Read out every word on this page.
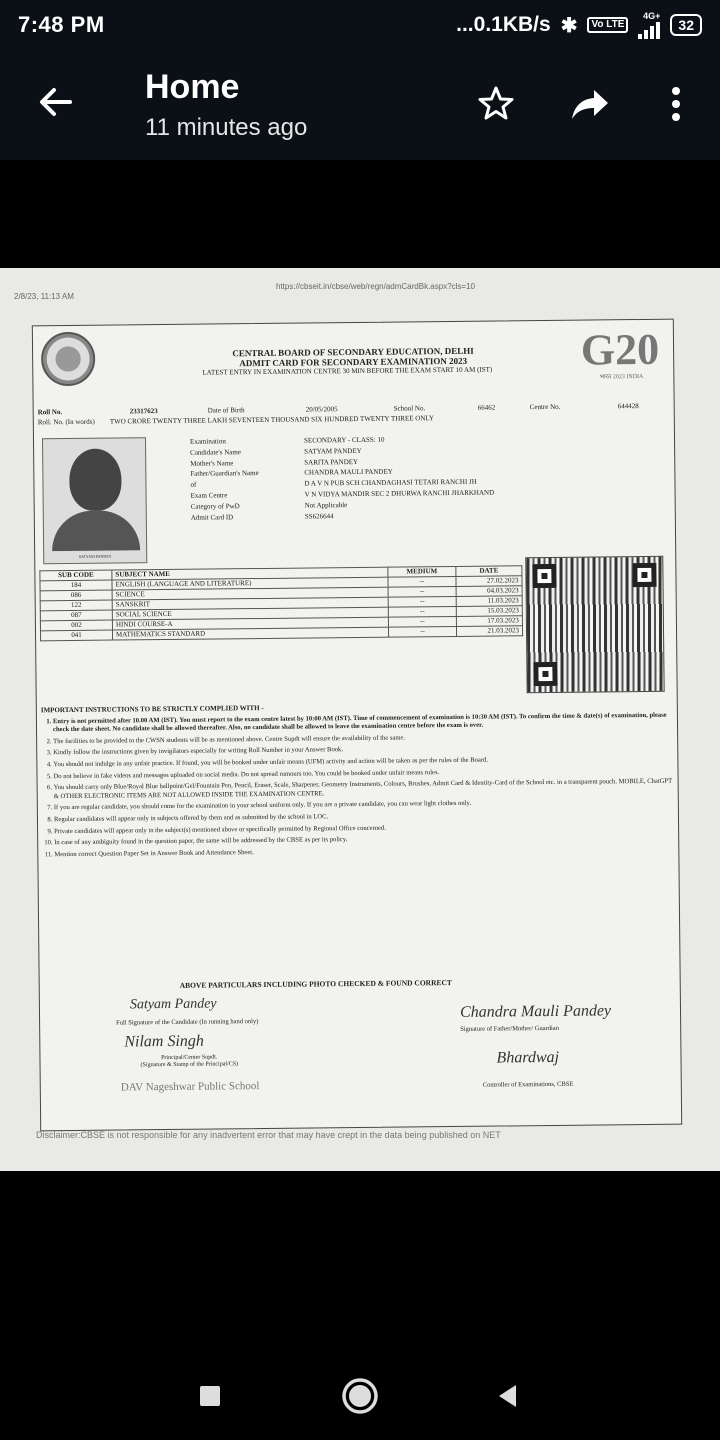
7:48 PM	...0.1KB/s ✱	Vo LTE
4G+
32
Home
11 minutes ago
2/8/23, 11:13 AM
https://cbseit.in/cbse/web/regn/admCardBk.aspx?cls=10
G20
भारत 2023 INDIA
CENTRAL BOARD OF SECONDARY EDUCATION, DELHI
ADMIT CARD FOR SECONDARY EXAMINATION 2023
LATEST ENTRY IN EXAMINATION CENTRE 30 MIN BEFORE THE EXAM START 10 AM (IST)
Roll No.	23317623	Date of Birth	20/05/2005	School No.	66462	Centre No.	644428
Roll. No. (In words) TWO CRORE TWENTY THREE LAKH SEVENTEEN THOUSAND SIX HUNDRED TWENTY THREE ONLY
SATYAM PANDEY
Examination	SECONDARY - CLASS: 10
Candidate's Name	SATYAM PANDEY
Mother's Name	SARITA PANDEY
Father/Guardian's Name	CHANDRA MAULI PANDEY
of	D A V N PUB SCH CHANDAGHASI TETARI RANCHI JH
Exam Centre	V N VIDYA MANDIR SEC 2 DHURWA RANCHI JHARKHAND
Category of PwD	Not Applicable
Admit Card ID	SS626644
SUB CODE	SUBJECT NAME	MEDIUM	DATE
184	ENGLISH (LANGUAGE AND LITERATURE)	--	27.02.2023
086	SCIENCE	--	04.03.2023
122	SANSKRIT	--	11.03.2023
087	SOCIAL SCIENCE	--	15.03.2023
002	HINDI COURSE-A	--	17.03.2023
041	MATHEMATICS STANDARD	--	21.03.2023
IMPORTANT INSTRUCTIONS TO BE STRICTLY COMPLIED WITH -
1. Entry is not permitted after 10.00 AM (IST). You must report to the exam centre latest by 10:00 AM (IST). Time of commencement of examination is 10:30 AM (IST). To confirm the time & date(s) of examination, please check the date sheet. No candidate shall be allowed thereafter. Also, no candidate shall be allowed to leave the examination centre before the exam is over.
2. The facilities to be provided to the CWSN students will be as mentioned above. Centre Supdt will ensure the availability of the same.
3. Kindly follow the instructions given by invigilators especially for writing Roll Number in your Answer Book.
4. You should not indulge in any unfair practice. If found, you will be booked under unfair means (UFM) activity and action will be taken as per the rules of the Board.
5. Do not believe in fake videos and messages uploaded on social media. Do not spread rumours too. You could be booked under unfair means rules.
6. You should carry only Blue/Royal Blue ballpoint/Gel/Fountain Pen, Pencil, Eraser, Scale, Sharpener, Geometry Instruments, Colours, Brushes, Admit Card & Identity-Card of the School etc. in a transparent pouch. MOBILE, ChatGPT & OTHER ELECTRONIC ITEMS ARE NOT ALLOWED INSIDE THE EXAMINATION CENTRE.
7. If you are regular candidate, you should come for the examination in your school uniform only. If you are a private candidate, you can wear light clothes only.
8. Regular candidates will appear only in subjects offered by them and as submitted by the school in LOC.
9. Private candidates will appear only in the subject(s) mentioned above or specifically permitted by Regional Office concerned.
10. In case of any ambiguity found in the question paper, the same will be addressed by the CBSE as per its policy.
11. Mention correct Question Paper Set in Answer Book and Attendance Sheet.
ABOVE PARTICULARS INCLUDING PHOTO CHECKED & FOUND CORRECT
Satyam Pandey
Full Signature of the Candidate (In running hand only)
Nilam Singh
Principal/Center Supdt.
(Signature & Stamp of the Principal/CS)
DAV Nageshwar Public School
Chandra Mauli Pandey
Signature of Father/Mother/ Guardian
Bhardwaj
Controller of Examinations, CBSE
Disclaimer:CBSE is not responsible for any inadvertent error that may have crept in the data being published on NET
